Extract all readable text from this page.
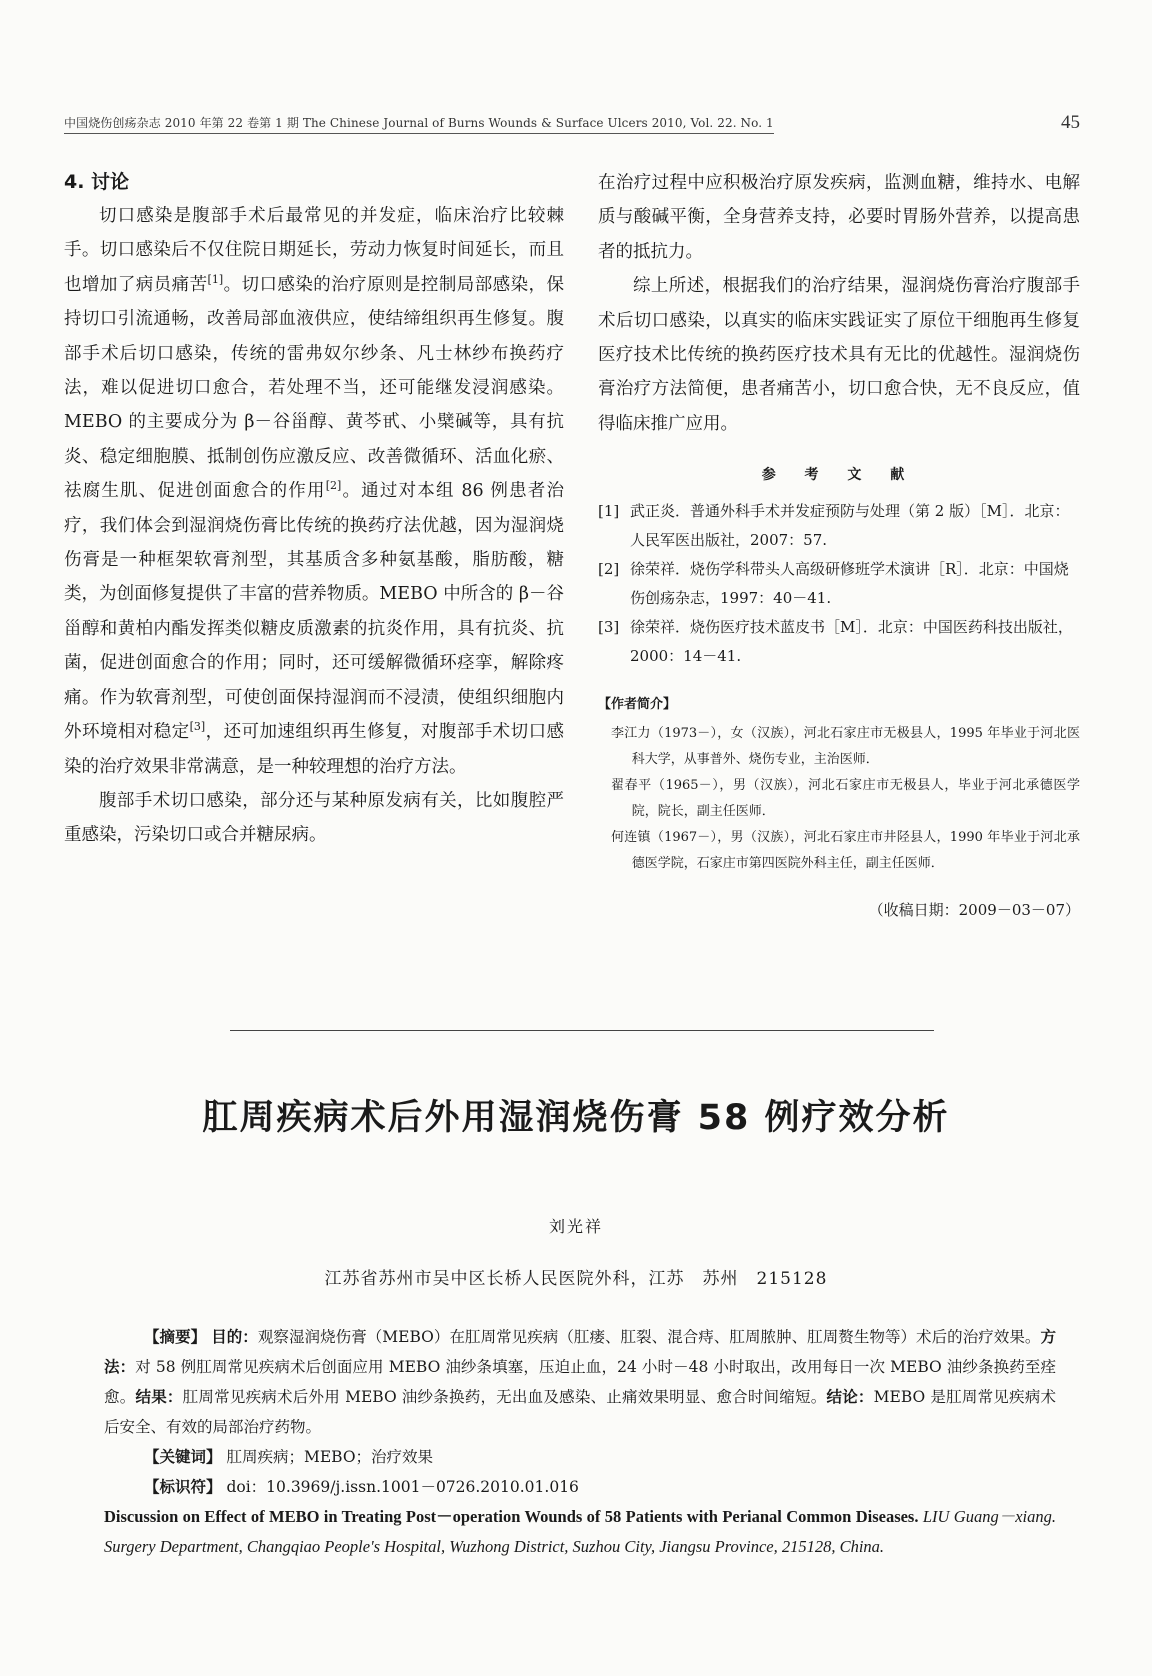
中国烧伤创疡杂志 2010 年第 22 卷第 1 期 The Chinese Journal of Burns Wounds & Surface Ulcers 2010, Vol. 22. No. 1	45
4. 讨论

切口感染是腹部手术后最常见的并发症，临床治疗比较棘手。切口感染后不仅住院日期延长，劳动力恢复时间延长，而且也增加了病员痛苦[1]。切口感染的治疗原则是控制局部感染，保持切口引流通畅，改善局部血液供应，使结缔组织再生修复。腹部手术后切口感染，传统的雷弗奴尔纱条、凡士林纱布换药疗法，难以促进切口愈合，若处理不当，还可能继发浸润感染。MEBO 的主要成分为 β－谷甾醇、黄芩甙、小檗碱等，具有抗炎、稳定细胞膜、抵制创伤应激反应、改善微循环、活血化瘀、祛腐生肌、促进创面愈合的作用[2]。通过对本组 86 例患者治疗，我们体会到湿润烧伤膏比传统的换药疗法优越，因为湿润烧伤膏是一种框架软膏剂型，其基质含多种氨基酸，脂肪酸，糖类，为创面修复提供了丰富的营养物质。MEBO 中所含的 β－谷甾醇和黄柏内酯发挥类似糖皮质激素的抗炎作用，具有抗炎、抗菌，促进创面愈合的作用；同时，还可缓解微循环痉挛，解除疼痛。作为软膏剂型，可使创面保持湿润而不浸渍，使组织细胞内外环境相对稳定[3]，还可加速组织再生修复，对腹部手术切口感染的治疗效果非常满意，是一种较理想的治疗方法。

腹部手术切口感染，部分还与某种原发病有关，比如腹腔严重感染，污染切口或合并糖尿病。

在治疗过程中应积极治疗原发疾病，监测血糖，维持水、电解质与酸碱平衡，全身营养支持，必要时胃肠外营养，以提高患者的抵抗力。

综上所述，根据我们的治疗结果，湿润烧伤膏治疗腹部手术后切口感染，以真实的临床实践证实了原位干细胞再生修复医疗技术比传统的换药医疗技术具有无比的优越性。湿润烧伤膏治疗方法简便，患者痛苦小，切口愈合快，无不良反应，值得临床推广应用。

参 考 文 献
[1] 武正炎．普通外科手术并发症预防与处理（第 2 版）［M］．北京：人民军医出版社，2007：57.
[2] 徐荣祥．烧伤学科带头人高级研修班学术演讲［R］．北京：中国烧伤创疡杂志，1997：40－41.
[3] 徐荣祥．烧伤医疗技术蓝皮书［M］．北京：中国医药科技出版社，2000：14－41.
【作者简介】
李江力（1973－），女（汉族），河北石家庄市无极县人，1995 年毕业于河北医科大学，从事普外、烧伤专业，主治医师．
翟春平（1965－），男（汉族），河北石家庄市无极县人，毕业于河北承德医学院，院长，副主任医师．
何连镇（1967－），男（汉族），河北石家庄市井陉县人，1990 年毕业于河北承德医学院，石家庄市第四医院外科主任，副主任医师．
（收稿日期：2009－03－07）
肛周疾病术后外用湿润烧伤膏 58 例疗效分析
刘光祥
江苏省苏州市吴中区长桥人民医院外科，江苏　苏州　215128

【摘要】 目的：观察湿润烧伤膏（MEBO）在肛周常见疾病（肛瘘、肛裂、混合痔、肛周脓肿、肛周赘生物等）术后的治疗效果。方法：对 58 例肛周常见疾病术后创面应用 MEBO 油纱条填塞，压迫止血，24 小时－48 小时取出，改用每日一次 MEBO 油纱条换药至痊愈。结果：肛周常见疾病术后外用 MEBO 油纱条换药，无出血及感染、止痛效果明显、愈合时间缩短。结论：MEBO 是肛周常见疾病术后安全、有效的局部治疗药物。

【关键词】 肛周疾病；MEBO；治疗效果

【标识符】 doi：10.3969/j.issn.1001－0726.2010.01.016

Discussion on Effect of MEBO in Treating Post－operation Wounds of 58 Patients with Perianal Common Diseases. LIU Guang－xiang. Surgery Department, Changqiao People's Hospital, Wuzhong District, Suzhou City, Jiangsu Province, 215128, China.
